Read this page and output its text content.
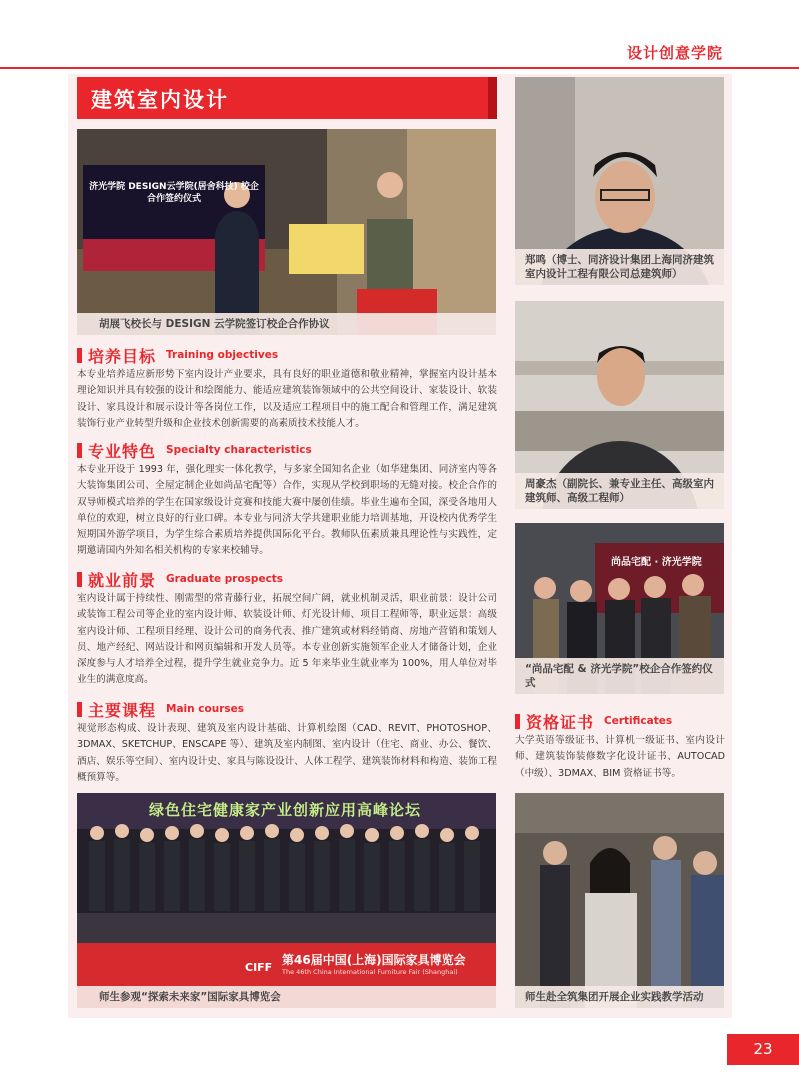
设计创意学院
建筑室内设计
济光学院 DESIGN云学院(居舍科技) 校企合作签约仪式
胡展飞校长与 DESIGN 云学院签订校企合作协议
郑鸣（博士、同济设计集团上海同济建筑室内设计工程有限公司总建筑师）
周豪杰（副院长、兼专业主任、高级室内建筑师、高级工程师）
尚品宅配 · 济光学院
“尚品宅配 & 济光学院”校企合作签约仪式
师生赴全筑集团开展企业实践教学活动
培养目标 Training objectives
本专业培养适应新形势下室内设计产业要求，具有良好的职业道德和敬业精神，掌握室内设计基本理论知识并具有较强的设计和绘图能力、能适应建筑装饰领域中的公共空间设计、家装设计、软装设计、家具设计和展示设计等各岗位工作，以及适应工程项目中的施工配合和管理工作，满足建筑装饰行业产业转型升级和企业技术创新需要的高素质技术技能人才。
专业特色 Specialty characteristics
本专业开设于 1993 年，强化理实一体化教学，与多家全国知名企业（如华建集团、同济室内等各大装饰集团公司、全屋定制企业如尚品宅配等）合作，实现从学校到职场的无缝对接。校企合作的双导师模式培养的学生在国家级设计竞赛和技能大赛中屡创佳绩。毕业生遍布全国，深受各地用人单位的欢迎，树立良好的行业口碑。本专业与同济大学共建职业能力培训基地，开设校内优秀学生短期国外游学项目，为学生综合素质培养提供国际化平台。教师队伍素质兼具理论性与实践性，定期邀请国内外知名相关机构的专家来校辅导。
就业前景 Graduate prospects
室内设计属于持续性、刚需型的常青藤行业，拓展空间广阔，就业机制灵活，职业前景：设计公司或装饰工程公司等企业的室内设计师、软装设计师、灯光设计师、项目工程师等，职业远景：高级室内设计师、工程项目经理、设计公司的商务代表、推广建筑或材料经销商、房地产营销和策划人员、地产经纪、网站设计和网页编辑和开发人员等。本专业创新实施领军企业人才储备计划，企业深度参与人才培养全过程，提升学生就业竞争力。近 5 年来毕业生就业率为 100%，用人单位对毕业生的满意度高。
主要课程 Main courses
视觉形态构成、设计表现、建筑及室内设计基础、计算机绘图（CAD、REVIT、PHOTOSHOP、3DMAX、SKETCHUP、ENSCAPE 等）、建筑及室内制图、室内设计（住宅、商业、办公、餐饮、酒店、娱乐等空间）、室内设计史、家具与陈设设计、人体工程学、建筑装饰材料和构造、装饰工程概预算等。
资格证书 Certificates
大学英语等级证书、计算机一级证书、室内设计师、建筑装饰装修数字化设计证书、AUTOCAD（中级）、3DMAX、BIM 资格证书等。
绿色住宅健康家产业创新应用高峰论坛
CIFF
第46届中国(上海)国际家具博览会
The 46th China International Furniture Fair (Shanghai)
师生参观“探索未来家”国际家具博览会
23
